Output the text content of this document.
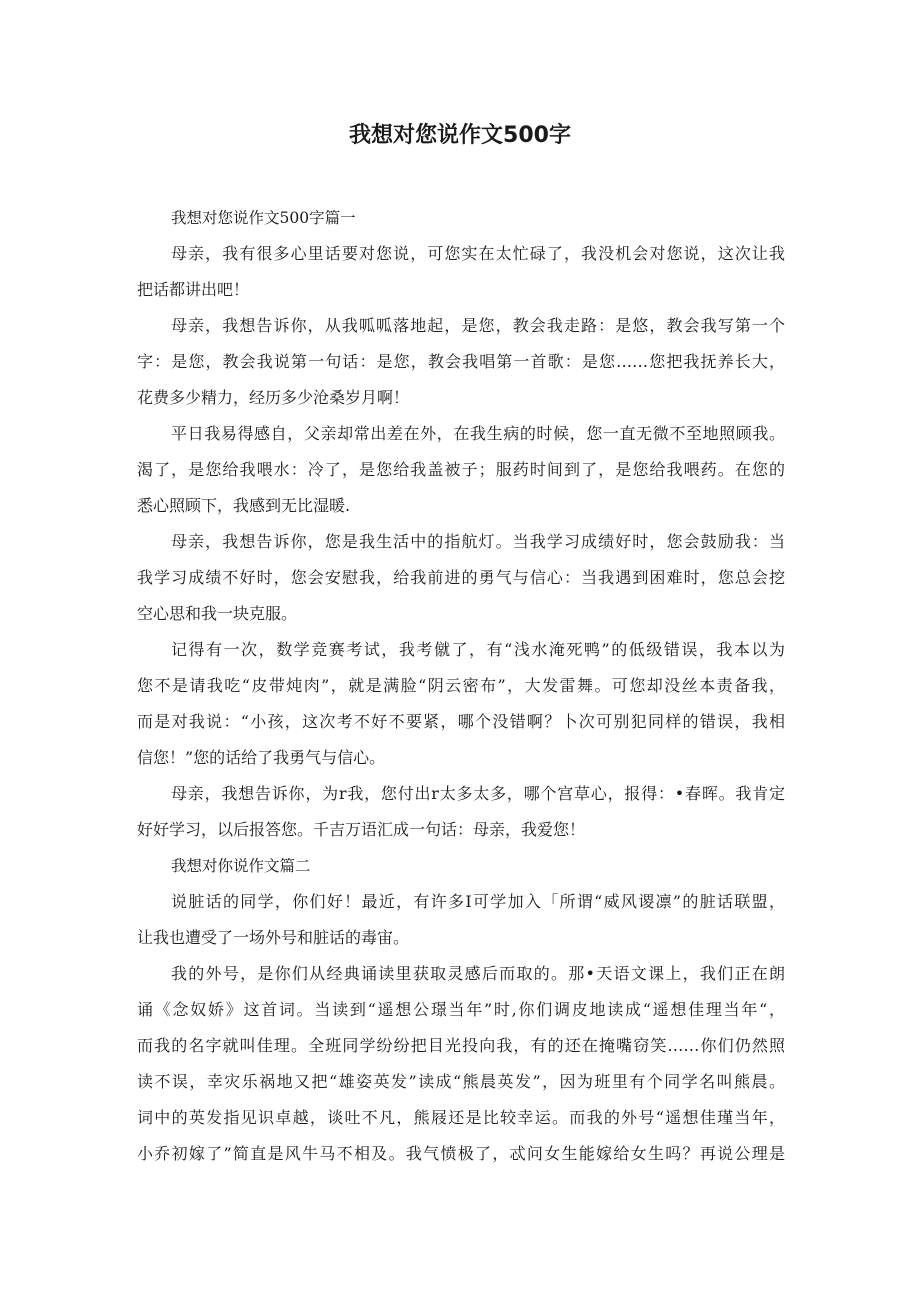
我想对您说作文500字

我想对您说作文500字篇一

母亲，我有很多心里话要对您说，可您实在太忙碌了，我没机会对您说，这次让我

把话都讲出吧！

母亲，我想告诉你，从我呱呱落地起，是您，教会我走路：是悠，教会我写第一个

字：是您，教会我说第一句话：是您，教会我唱第一首歌：是您……您把我抚养长大，

花费多少精力，经历多少沧桑岁月啊！

平日我易得感自，父亲却常出差在外，在我生病的时候，您一直无微不至地照顾我。

渴了，是您给我喂水：冷了，是您给我盖被子；服药时间到了，是您给我喂药。在您的

悉心照顾下，我感到无比湿暖.

母亲，我想告诉你，您是我生活中的指航灯。当我学习成绩好时，您会鼓励我：当

我学习成绩不好时，您会安慰我，给我前进的勇气与信心：当我遇到困难时，您总会挖

空心思和我一块克服。

记得有一次，数学竞赛考试，我考僦了，有“浅水淹死鸭”的低级错误，我本以为

您不是请我吃“皮带炖肉”，就是满脸“阴云密布”，大发雷舞。可您却没丝本责备我，

而是对我说：“小孩，这次考不好不要紧，哪个没错啊？卜次可别犯同样的错误，我相

信您！”您的话给了我勇气与信心。

母亲，我想告诉你，为r我，您付出r太多太多，哪个宫草心，报得：•春晖。我肯定

好好学习，以后报答您。千吉万语汇成一句话：母亲，我爱您！

我想对你说作文篇二

说脏话的同学，你们好！最近，有许多I可学加入「所谓“威风谡凛”的脏话联盟，

让我也遭受了一场外号和脏话的毒宙。

我的外号，是你们从经典诵读里获取灵感后而取的。那•天语文课上，我们正在朗

诵《念奴娇》这首词。当读到“遥想公璟当年”时,你们调皮地读成“遥想佳理当年“，

而我的名字就叫佳理。全班同学纷纷把目光投向我，有的还在掩嘴窃笑……你们仍然照

读不误，幸灾乐祸地又把“雄姿英发”读成“熊晨英发”，因为班里有个同学名叫熊晨。

词中的英发指见识卓越，谈吐不凡，熊屐还是比较幸运。而我的外号“遥想佳瑾当年，

小乔初嫁了”简直是风牛马不相及。我气愤极了，忒问女生能嫁给女生吗？再说公理是
